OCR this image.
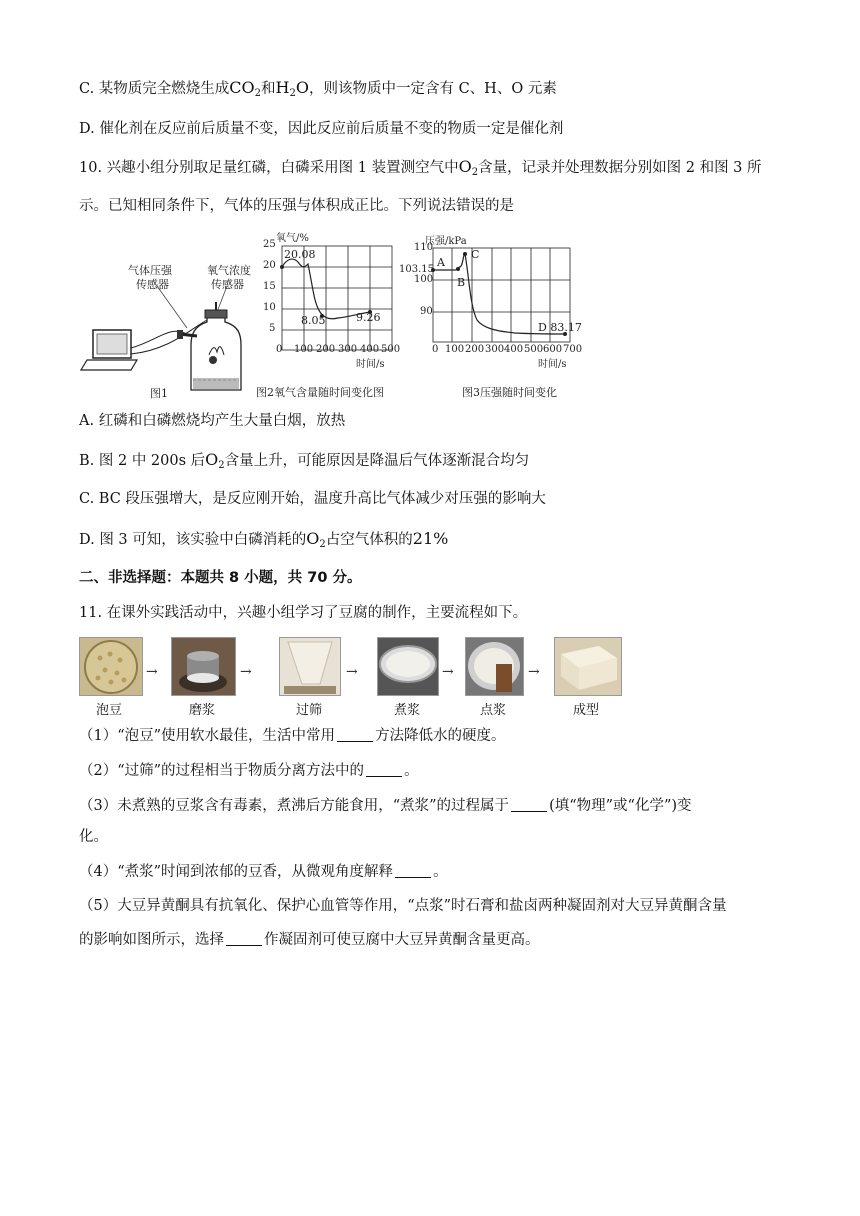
C. 某物质完全燃烧生成$CO_2$和$H_2O$，则该物质中一定含有 C、H、O 元素
D. 催化剂在反应前后质量不变，因此反应前后质量不变的物质一定是催化剂
10. 兴趣小组分别取足量红磷，白磷采用图 1 装置测空气中$O_2$含量，记录并处理数据分别如图 2 和图 3 所
示。已知相同条件下，气体的压强与体积成正比。下列说法错误的是
气体压强
传感器
氧气浓度
传感器
图1
氧气/%
25
20
15
10
5
0 100 200 300 400 500
时间/s
20.08
8.05	9.26
图2氧气含量随时间变化图
压强/kPa
110
103.15
100
90
0 100 200 300 400 500 600 700
时间/s
A
B
C
D 83.17
图3压强随时间变化
A. 红磷和白磷燃烧均产生大量白烟，放热
B. 图 2 中 200s 后$O_2$含量上升，可能原因是降温后气体逐渐混合均匀
C. BC 段压强增大，是反应刚开始，温度升高比气体减少对压强的影响大
D. 图 3 可知，该实验中白磷消耗的$O_2$占空气体积的21%
二、非选择题：本题共 8 小题，共 70 分。
11. 在课外实践活动中，兴趣小组学习了豆腐的制作，主要流程如下。
→	→	→	→	→
泡豆	磨浆	过筛	煮浆	点浆	成型
（1）“泡豆”使用软水最佳，生活中常用	方法降低水的硬度。
（2）“过筛”的过程相当于物质分离方法中的	。
（3）未煮熟的豆浆含有毒素，煮沸后方能食用，“煮浆”的过程属于	(填“物理”或“化学”)变
化。
（4）“煮浆”时闻到浓郁的豆香，从微观角度解释	。
（5）大豆异黄酮具有抗氧化、保护心血管等作用，“点浆”时石膏和盐卤两种凝固剂对大豆异黄酮含量
的影响如图所示，选择	作凝固剂可使豆腐中大豆异黄酮含量更高。
